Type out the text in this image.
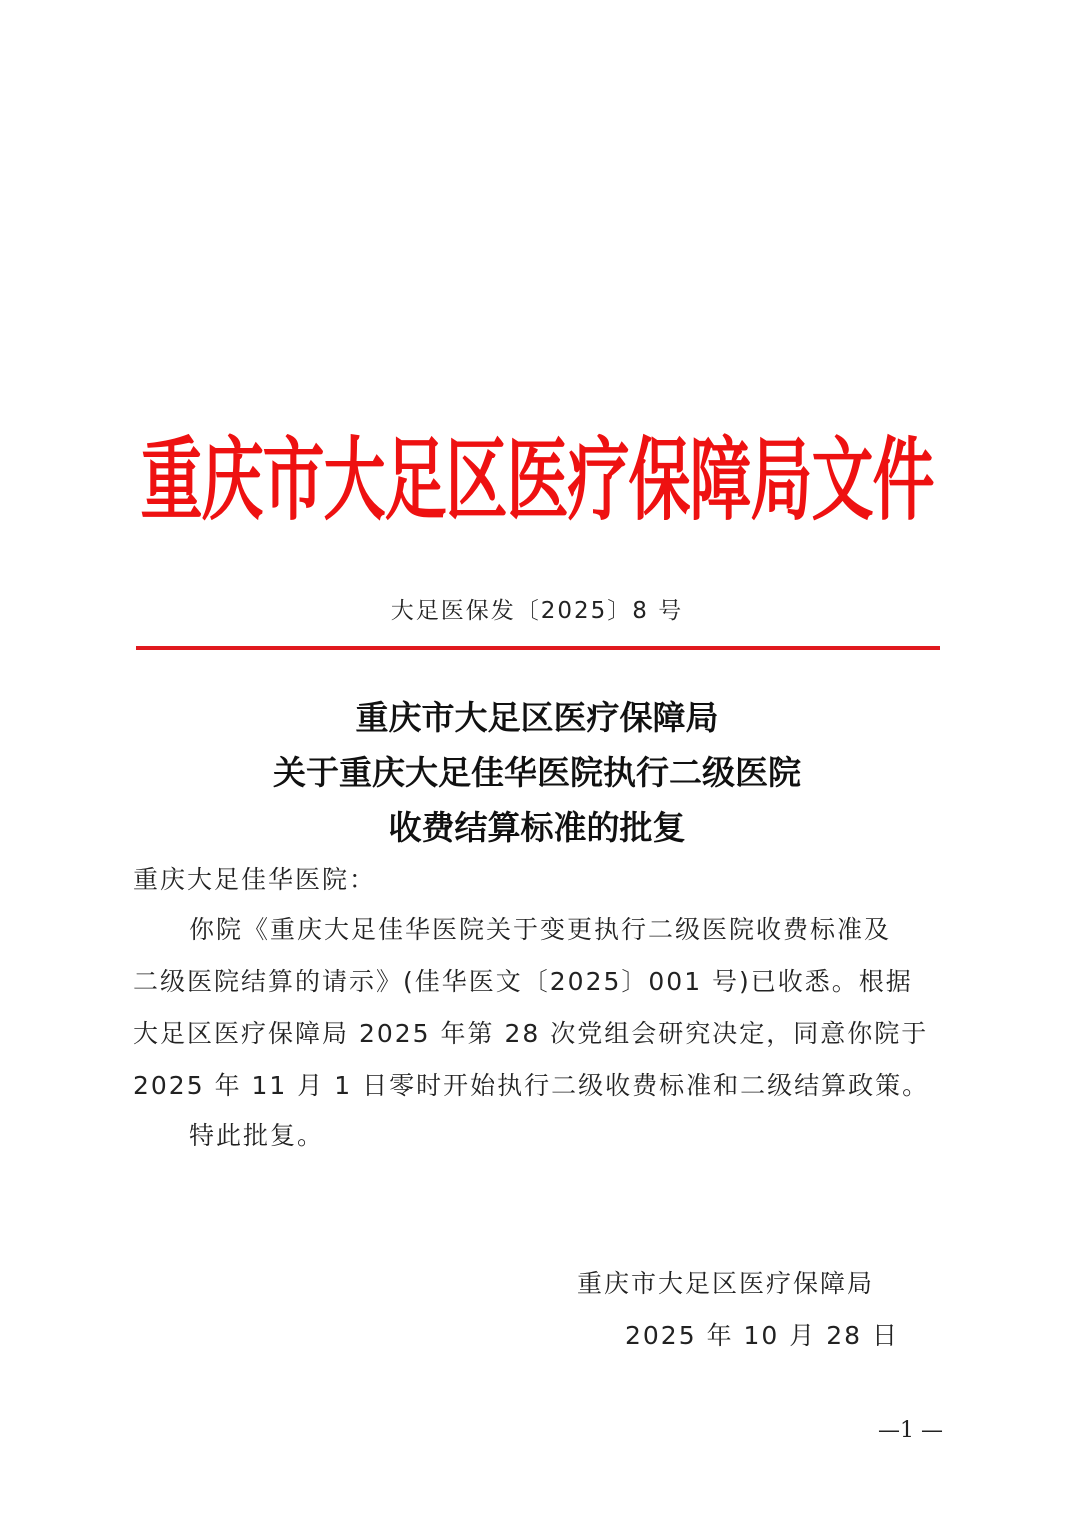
重庆市大足区医疗保障局文件
大足医保发〔2025〕8 号
重庆市大足区医疗保障局
关于重庆大足佳华医院执行二级医院
收费结算标准的批复
重庆大足佳华医院：
你院《重庆大足佳华医院关于变更执行二级医院收费标准及
二级医院结算的请示》(佳华医文〔2025〕001 号)已收悉。根据
大足区医疗保障局 2025 年第 28 次党组会研究决定，同意你院于
2025 年 11 月 1 日零时开始执行二级收费标准和二级结算政策。
特此批复。
重庆市大足区医疗保障局
2025 年 10 月 28 日
—1 —
